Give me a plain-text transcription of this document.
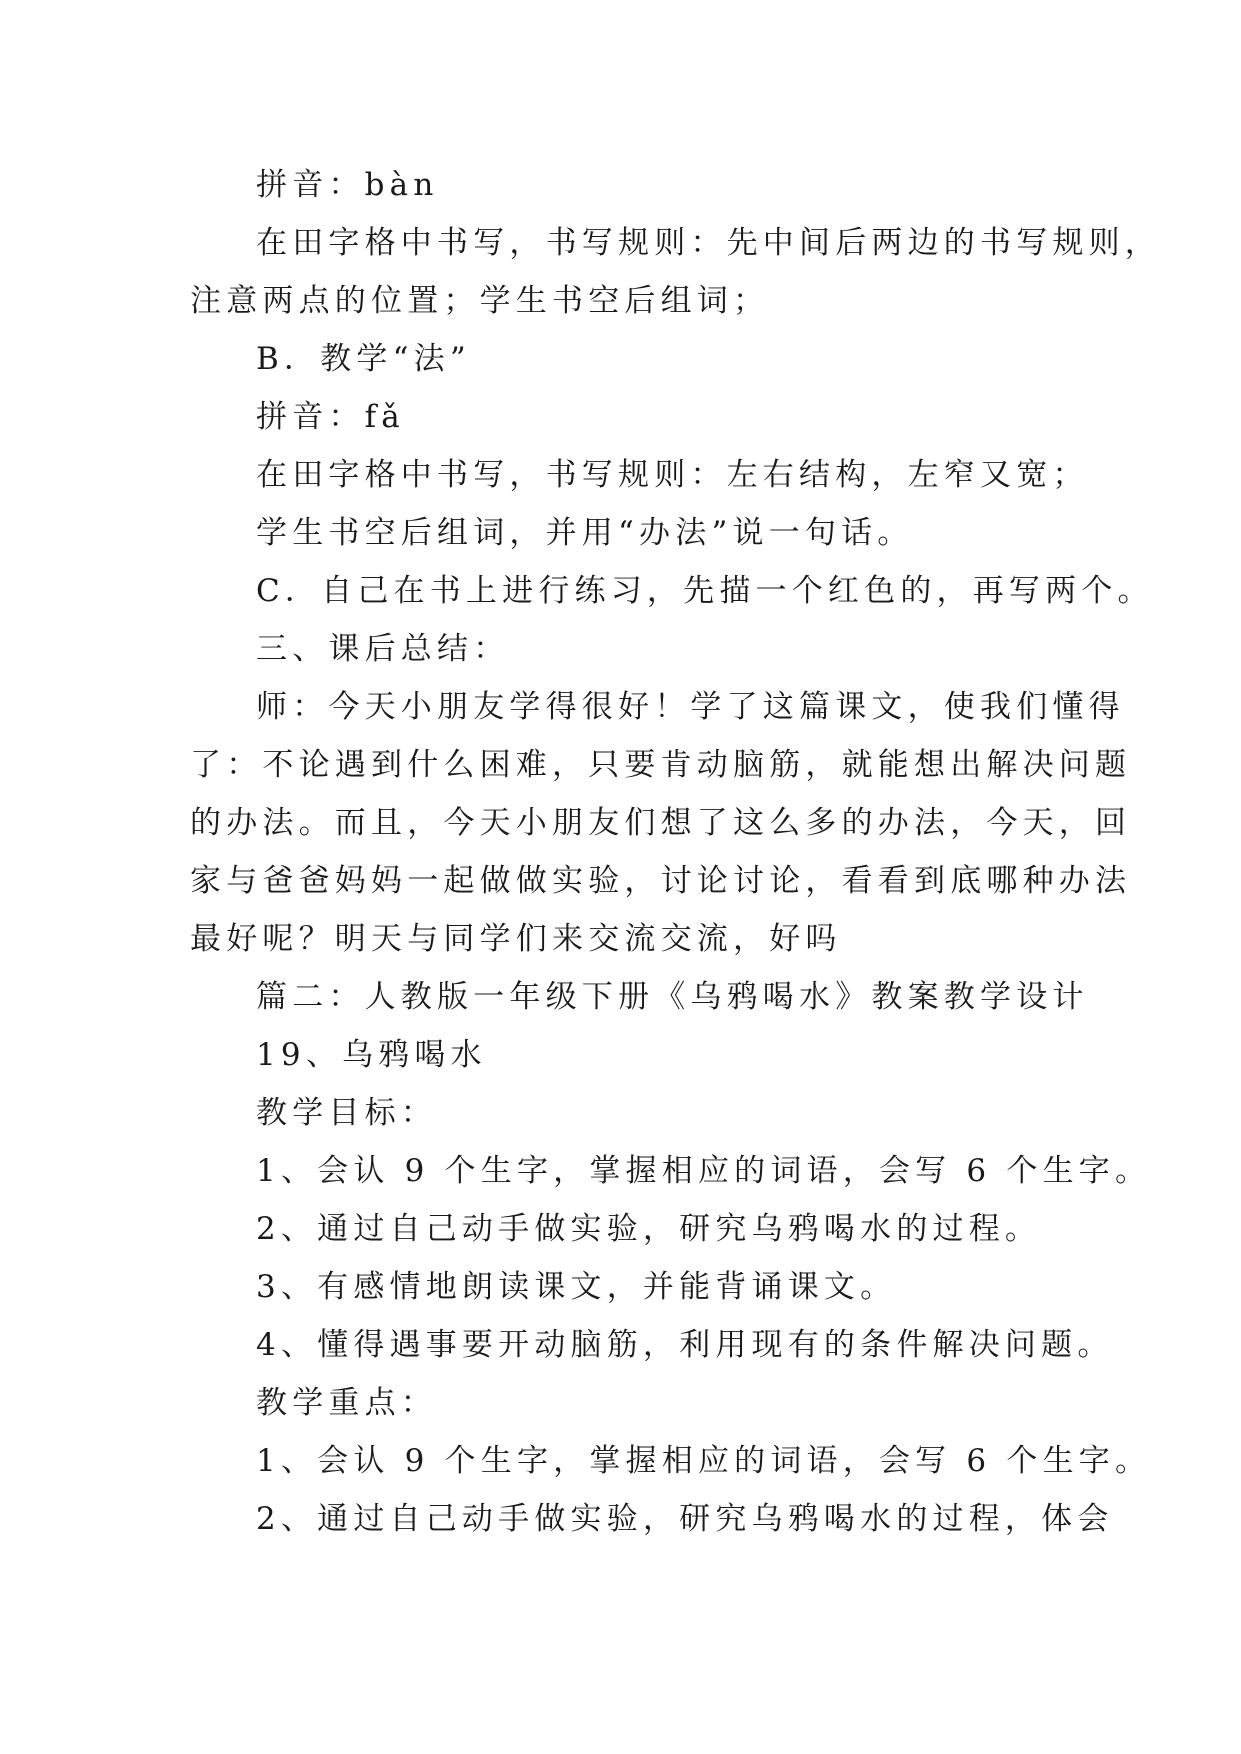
拼音：bàn
在田字格中书写，书写规则：先中间后两边的书写规则，
注意两点的位置；学生书空后组词；
B．教学“法”
拼音：fǎ
在田字格中书写，书写规则：左右结构，左窄又宽；
学生书空后组词，并用“办法”说一句话。
C．自己在书上进行练习，先描一个红色的，再写两个。
三、课后总结：
师：今天小朋友学得很好！学了这篇课文，使我们懂得
了：不论遇到什么困难，只要肯动脑筋，就能想出解决问题
的办法。而且，今天小朋友们想了这么多的办法，今天，回
家与爸爸妈妈一起做做实验，讨论讨论，看看到底哪种办法
最好呢？明天与同学们来交流交流，好吗
篇二：人教版一年级下册《乌鸦喝水》教案教学设计
19、乌鸦喝水
教学目标：
1、会认 9 个生字，掌握相应的词语，会写 6 个生字。
2、通过自己动手做实验，研究乌鸦喝水的过程。
3、有感情地朗读课文，并能背诵课文。
4、懂得遇事要开动脑筋，利用现有的条件解决问题。
教学重点：
1、会认 9 个生字，掌握相应的词语，会写 6 个生字。
2、通过自己动手做实验，研究乌鸦喝水的过程，体会
